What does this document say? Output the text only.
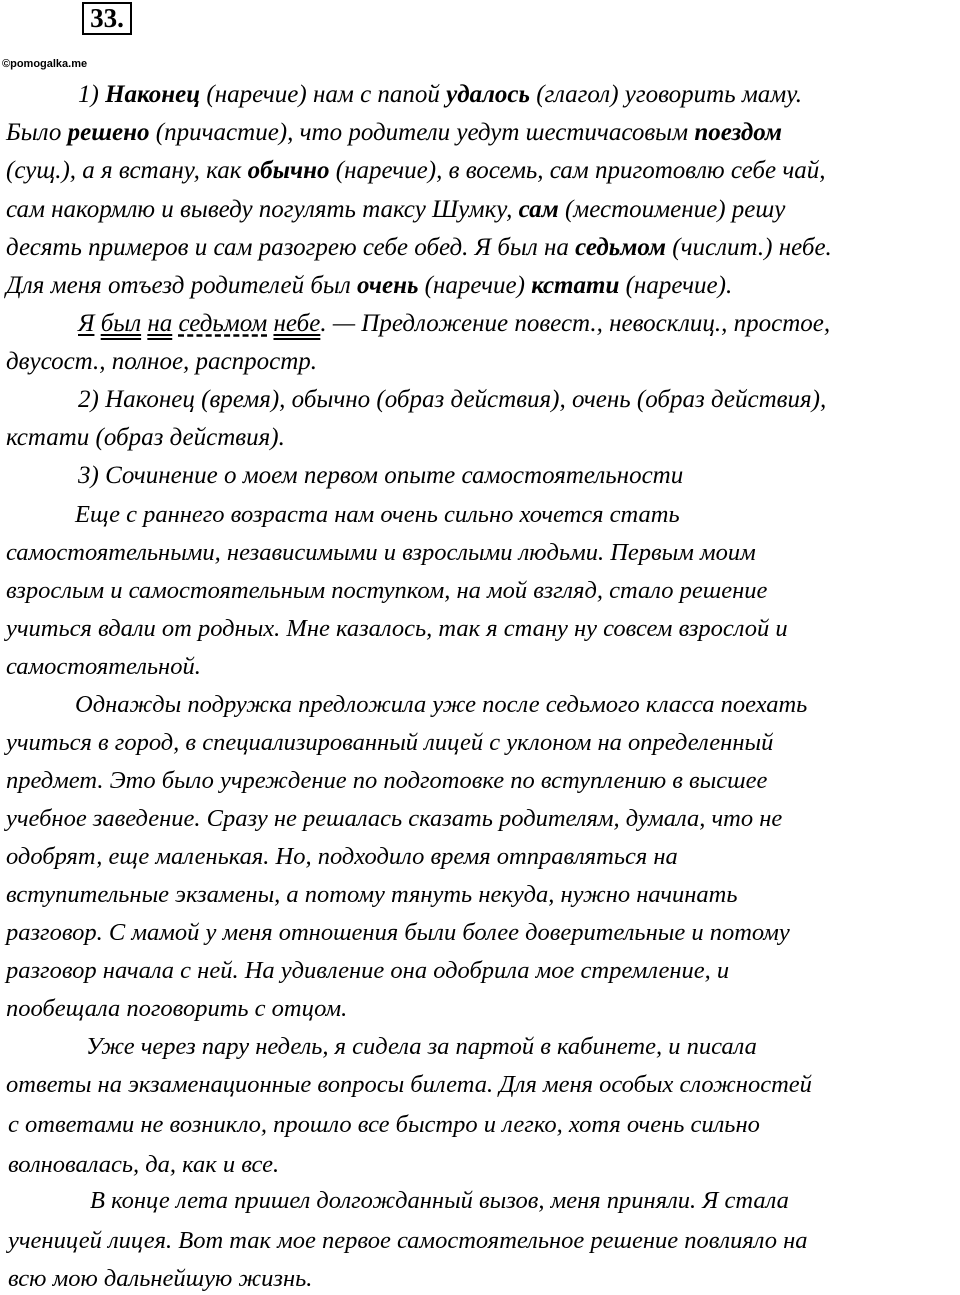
33.
©pomogalka.me
1) Наконец (наречие) нам с папой удалось (глагол) уговорить маму.
Было решено (причастие), что родители уедут шестичасовым поездом
(сущ.), а я встану, как обычно (наречие), в восемь, сам приготовлю себе чай,
сам накормлю и выведу погулять таксу Шумку, сам (местоимение) решу
десять примеров и сам разогрею себе обед. Я был на седьмом (числит.) небе.
Для меня отъезд родителей был очень (наречие) кстати (наречие).
Я был на седьмом небе. — Предложение повест., невосклиц., простое,
двусост., полное, распростр.
2) Наконец (время), обычно (образ действия), очень (образ действия),
кстати (образ действия).
3) Сочинение о моем первом опыте самостоятельности
Еще с раннего возраста нам очень сильно хочется стать
самостоятельными, независимыми и взрослыми людьми. Первым моим
взрослым и самостоятельным поступком, на мой взгляд, стало решение
учиться вдали от родных. Мне казалось, так я стану ну совсем взрослой и
самостоятельной.
Однажды подружка предложила уже после седьмого класса поехать
учиться в город, в специализированный лицей с уклоном на определенный
предмет. Это было учреждение по подготовке по вступлению в высшее
учебное заведение. Сразу не решалась сказать родителям, думала, что не
одобрят, еще маленькая. Но, подходило время отправляться на
вступительные экзамены, а потому тянуть некуда, нужно начинать
разговор. С мамой у меня отношения были более доверительные и потому
разговор начала с ней. На удивление она одобрила мое стремление, и
пообещала поговорить с отцом.
Уже через пару недель, я сидела за партой в кабинете, и писала
ответы на экзаменационные вопросы билета. Для меня особых сложностей
с ответами не возникло, прошло все быстро и легко, хотя очень сильно
волновалась, да, как и все.
В конце лета пришел долгожданный вызов, меня приняли. Я стала
ученицей лицея. Вот так мое первое самостоятельное решение повлияло на
всю мою дальнейшую жизнь.
